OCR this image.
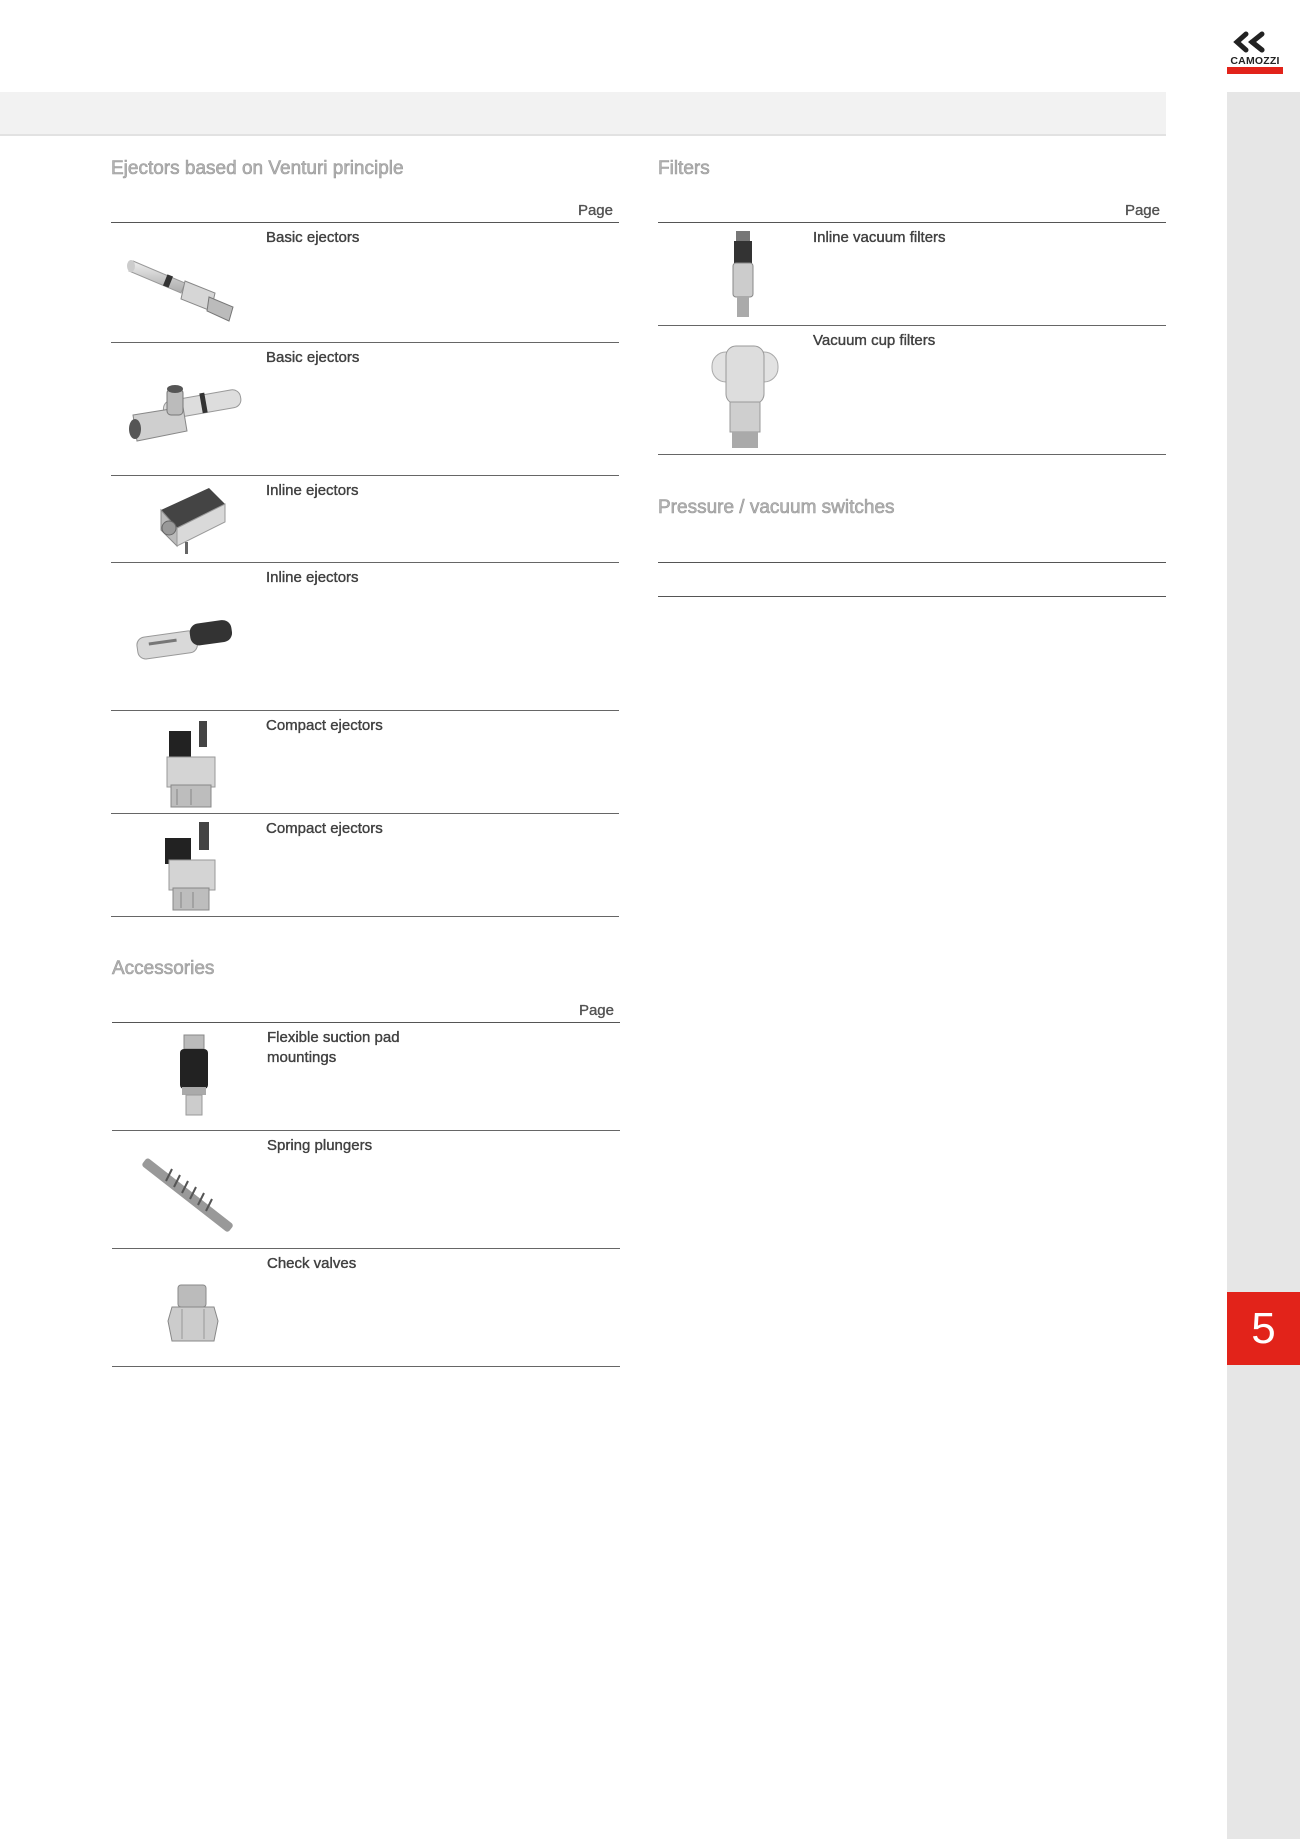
5
CAMOZZI
Ejectors based on Venturi principle
Page
Basic ejectors
Basic ejectors
Inline ejectors
Inline ejectors
Compact ejectors
Compact ejectors
Accessories
Page
Flexible suction pad mountings
Spring plungers
Check valves
Filters
Page
Inline vacuum filters
Vacuum cup filters
Pressure / vacuum switches
